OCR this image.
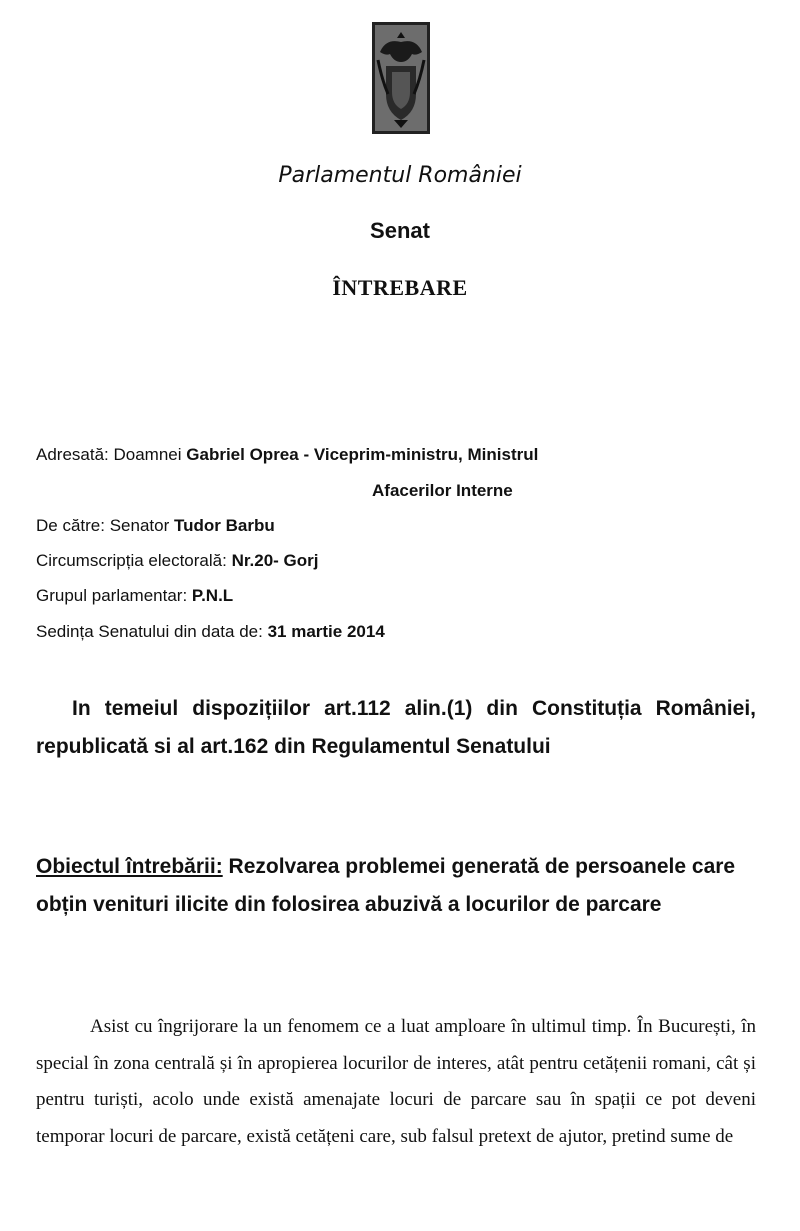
Parlamentul României
Senat
ÎNTREBARE
Adresată: Doamnei Gabriel Oprea - Viceprim-ministru, Ministrul
Afacerilor Interne
De către: Senator Tudor Barbu
Circumscripția electorală: Nr.20- Gorj
Grupul parlamentar: P.N.L
Sedința Senatului din data de: 31 martie 2014
In temeiul dispozițiilor art.112 alin.(1) din Constituția României, republicată si al art.162 din Regulamentul Senatului
Obiectul întrebării: Rezolvarea problemei generată de persoanele care obțin venituri ilicite din folosirea abuzivă a locurilor de parcare
Asist cu îngrijorare la un fenomem ce a luat amploare în ultimul timp. În București, în special în zona centrală și în apropierea locurilor de interes, atât pentru cetățenii romani, cât și pentru turiști, acolo unde există amenajate locuri de parcare sau în spații ce pot deveni temporar locuri de parcare, există cetățeni care, sub falsul pretext de ajutor, pretind sume de
